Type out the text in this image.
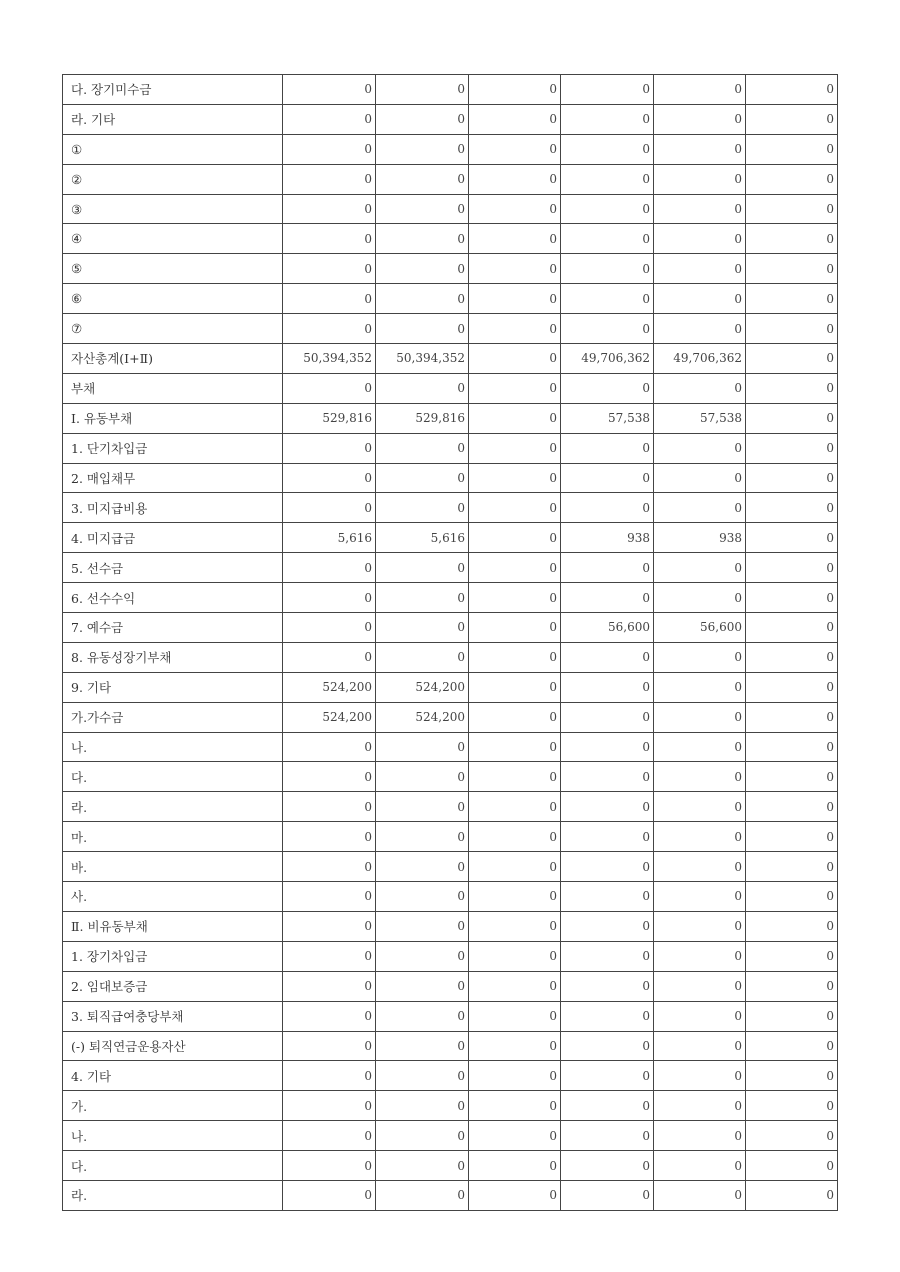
다. 장기미수금	0	0	0	0	0	0
라. 기타	0	0	0	0	0	0
①	0	0	0	0	0	0
②	0	0	0	0	0	0
③	0	0	0	0	0	0
④	0	0	0	0	0	0
⑤	0	0	0	0	0	0
⑥	0	0	0	0	0	0
⑦	0	0	0	0	0	0
자산총계(Ⅰ+Ⅱ)	50,394,352	50,394,352	0	49,706,362	49,706,362	0
부채	0	0	0	0	0	0
Ⅰ. 유동부채	529,816	529,816	0	57,538	57,538	0
1. 단기차입금	0	0	0	0	0	0
2. 매입채무	0	0	0	0	0	0
3. 미지급비용	0	0	0	0	0	0
4. 미지급금	5,616	5,616	0	938	938	0
5. 선수금	0	0	0	0	0	0
6. 선수수익	0	0	0	0	0	0
7. 예수금	0	0	0	56,600	56,600	0
8. 유동성장기부채	0	0	0	0	0	0
9. 기타	524,200	524,200	0	0	0	0
가.가수금	524,200	524,200	0	0	0	0
나.	0	0	0	0	0	0
다.	0	0	0	0	0	0
라.	0	0	0	0	0	0
마.	0	0	0	0	0	0
바.	0	0	0	0	0	0
사.	0	0	0	0	0	0
Ⅱ. 비유동부채	0	0	0	0	0	0
1. 장기차입금	0	0	0	0	0	0
2. 임대보증금	0	0	0	0	0	0
3. 퇴직급여충당부채	0	0	0	0	0	0
(-) 퇴직연금운용자산	0	0	0	0	0	0
4. 기타	0	0	0	0	0	0
가.	0	0	0	0	0	0
나.	0	0	0	0	0	0
다.	0	0	0	0	0	0
라.	0	0	0	0	0	0
